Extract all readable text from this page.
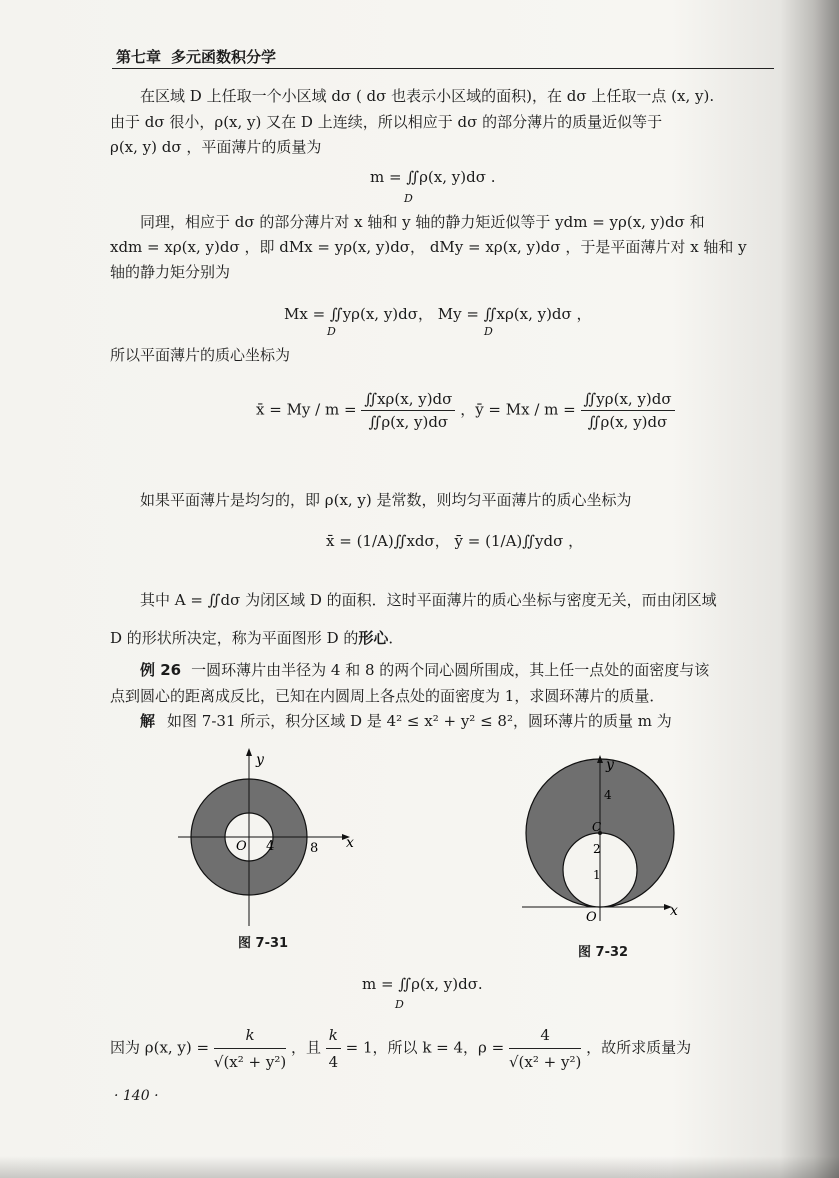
第七章 多元函数积分学
在区域 D 上任取一个小区域 dσ ( dσ 也表示小区域的面积)，在 dσ 上任取一点 (x, y).
由于 dσ 很小，ρ(x, y) 又在 D 上连续，所以相应于 dσ 的部分薄片的质量近似等于
ρ(x, y) dσ ，平面薄片的质量为
m = ∬ρ(x, y)dσ .
D
同理，相应于 dσ 的部分薄片对 x 轴和 y 轴的静力矩近似等于 ydm = yρ(x, y)dσ 和
xdm = xρ(x, y)dσ ，即 dMx = yρ(x, y)dσ， dMy = xρ(x, y)dσ ，于是平面薄片对 x 轴和 y
轴的静力矩分别为
Mx = ∬yρ(x, y)dσ， My = ∬xρ(x, y)dσ ，
D	D
所以平面薄片的质心坐标为
x̄ = $My / m = \frac{∬x\rho(x, y)d\sigma}{∬\rho(x, y)d\sigma}$ ，ȳ = $Mx / m = \frac{∬y\rho(x, y)d\sigma}{∬\rho(x, y)d\sigma}$
如果平面薄片是均匀的，即 ρ(x, y) 是常数，则均匀平面薄片的质心坐标为
x̄ = (1/A)∬xdσ， ȳ = (1/A)∬ydσ ，
其中 A = ∬dσ 为闭区域 D 的面积．这时平面薄片的质心坐标与密度无关，而由闭区域
D 的形状所决定，称为平面图形 D 的形心．
例 26 一圆环薄片由半径为 4 和 8 的两个同心圆所围成，其上任一点处的面密度与该
点到圆心的距离成反比，已知在内圆周上各点处的面密度为 1，求圆环薄片的质量．
解 如图 7-31 所示，积分区域 D 是 4² ≤ x² + y² ≤ 8²，圆环薄片的质量 m 为
x
y
O 4	8
图 7-31
x
y
O
1
2
4
C
图 7-32
m = ∬ρ(x, y)dσ.
D
因为 ρ(x, $y) = \frac{k}{\text{√(x² + y²)}}$ ，且 $\frac{k}{4} = 1$，所以 k = 4，$\rho = \frac{4}{\text{√(x² + y²)}}$ ，故所求质量为
· 140 ·
